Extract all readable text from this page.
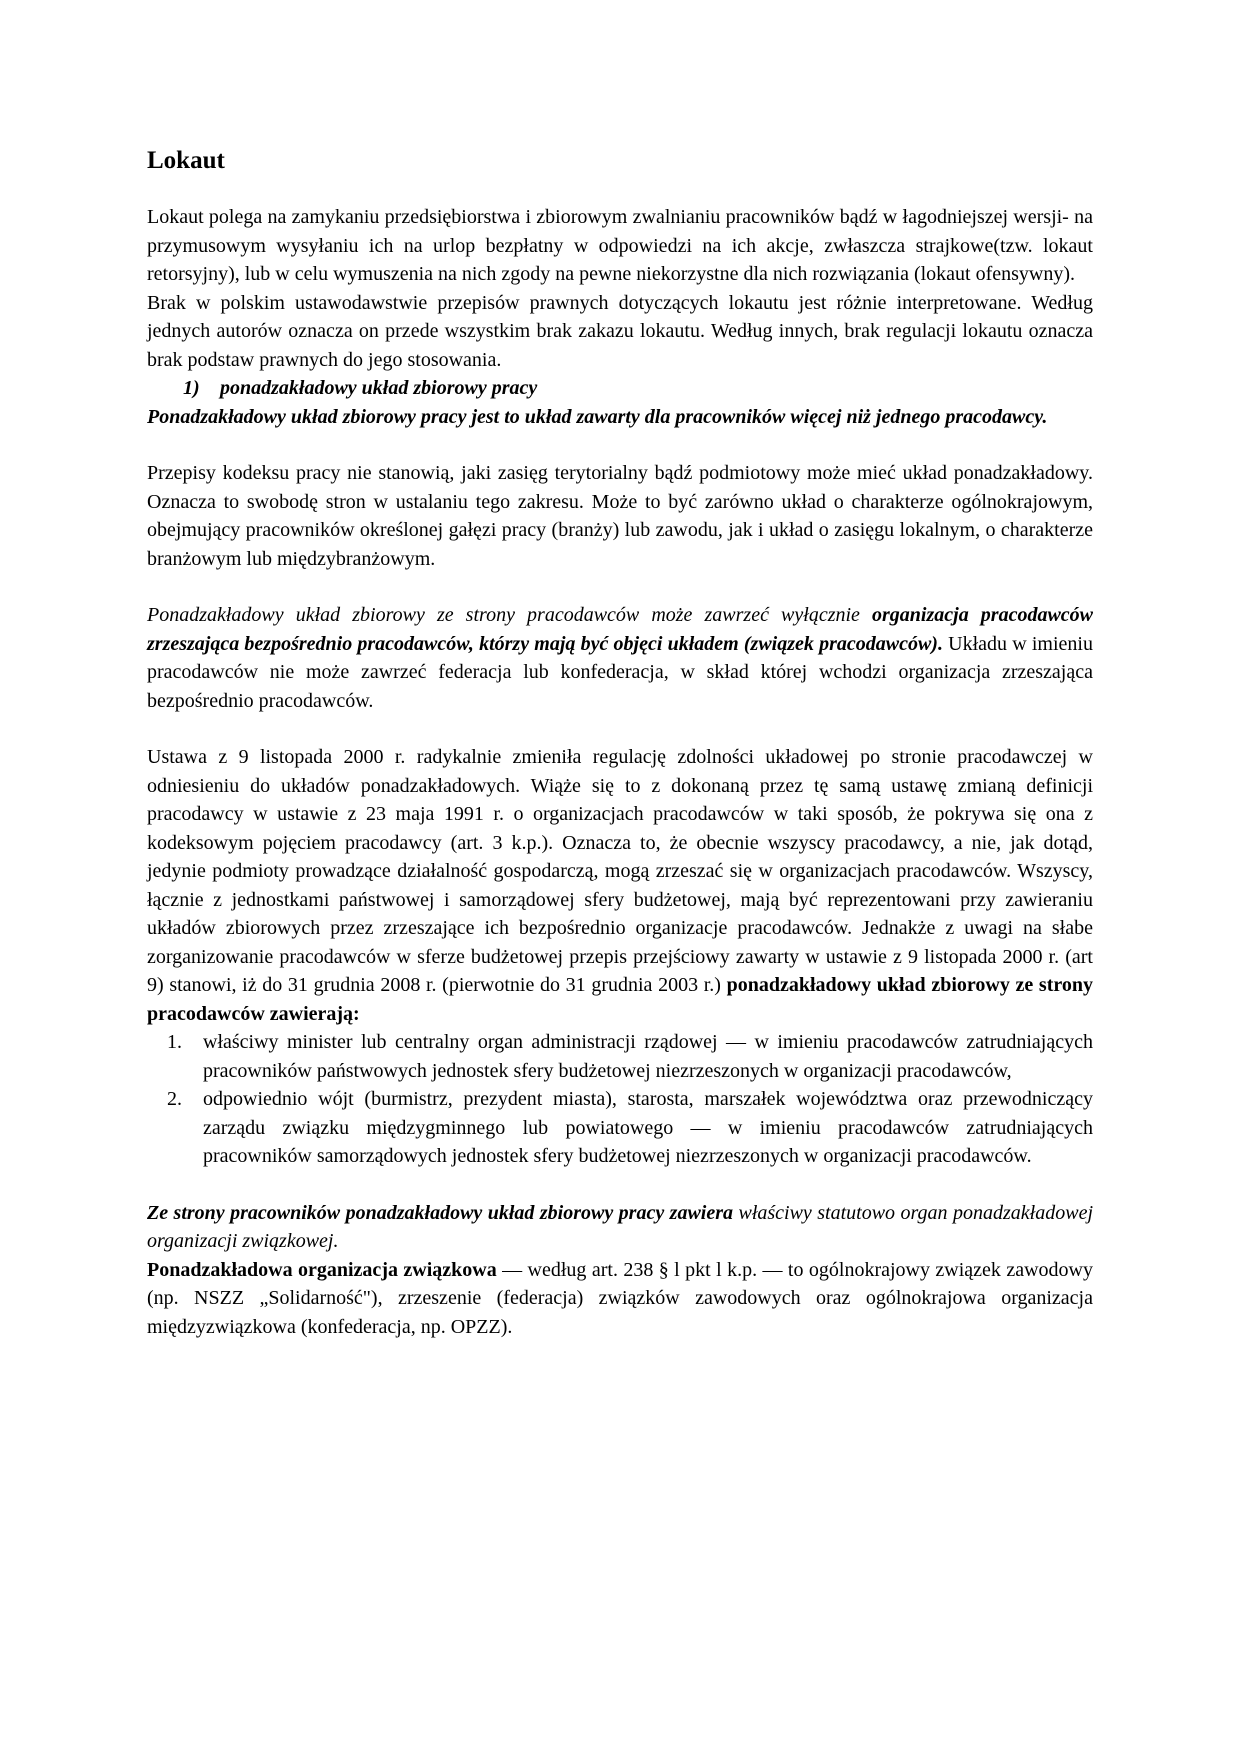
Lokaut

Lokaut polega na zamykaniu przedsiębiorstwa i zbiorowym zwalnianiu pracowników bądź w łagodniejszej wersji- na przymusowym wysyłaniu ich na urlop bezpłatny w odpowiedzi na ich akcje, zwłaszcza strajkowe(tzw. lokaut retorsyjny), lub w celu wymuszenia na nich zgody na pewne niekorzystne dla nich rozwiązania (lokaut ofensywny).

Brak w polskim ustawodawstwie przepisów prawnych dotyczących lokautu jest różnie interpretowane. Według jednych autorów oznacza on przede wszystkim brak zakazu lokautu. Według innych, brak regulacji lokautu oznacza brak podstaw prawnych do jego stosowania.

1) ponadzakładowy układ zbiorowy pracy

Ponadzakładowy układ zbiorowy pracy jest to układ zawarty dla pracowników więcej niż jednego pracodawcy.

Przepisy kodeksu pracy nie stanowią, jaki zasięg terytorialny bądź podmiotowy może mieć układ ponadzakładowy. Oznacza to swobodę stron w ustalaniu tego zakresu. Może to być zarówno układ o charakterze ogólnokrajowym, obejmujący pracowników określonej gałęzi pracy (branży) lub zawodu, jak i układ o zasięgu lokalnym, o charakterze branżowym lub międzybranżowym.

Ponadzakładowy układ zbiorowy ze strony pracodawców może zawrzeć wyłącznie organizacja pracodawców zrzeszająca bezpośrednio pracodawców, którzy mają być objęci układem (związek pracodawców). Układu w imieniu pracodawców nie może zawrzeć federacja lub konfederacja, w skład której wchodzi organizacja zrzeszająca bezpośrednio pracodawców.

Ustawa z 9 listopada 2000 r. radykalnie zmieniła regulację zdolności układowej po stronie pracodawczej w odniesieniu do układów ponadzakładowych. Wiąże się to z dokonaną przez tę samą ustawę zmianą definicji pracodawcy w ustawie z 23 maja 1991 r. o organizacjach pracodawców w taki sposób, że pokrywa się ona z kodeksowym pojęciem pracodawcy (art. 3 k.p.). Oznacza to, że obecnie wszyscy pracodawcy, a nie, jak dotąd, jedynie podmioty prowadzące działalność gospodarczą, mogą zrzeszać się w organizacjach pracodawców. Wszyscy, łącznie z jednostkami państwowej i samorządowej sfery budżetowej, mają być reprezentowani przy zawieraniu układów zbiorowych przez zrzeszające ich bezpośrednio organizacje pracodawców. Jednakże z uwagi na słabe zorganizowanie pracodawców w sferze budżetowej przepis przejściowy zawarty w ustawie z 9 listopada 2000 r. (art 9) stanowi, iż do 31 grudnia 2008 r. (pierwotnie do 31 grudnia 2003 r.) ponadzakładowy układ zbiorowy ze strony pracodawców zawierają:

1. właściwy minister lub centralny organ administracji rządowej — w imieniu pracodawców zatrudniających pracowników państwowych jednostek sfery budżetowej niezrzeszonych w organizacji pracodawców,
2. odpowiednio wójt (burmistrz, prezydent miasta), starosta, marszałek województwa oraz przewodniczący zarządu związku międzygminnego lub powiatowego — w imieniu pracodawców zatrudniających pracowników samorządowych jednostek sfery budżetowej niezrzeszonych w organizacji pracodawców.

Ze strony pracowników ponadzakładowy układ zbiorowy pracy zawiera właściwy statutowo organ ponadzakładowej organizacji związkowej.

Ponadzakładowa organizacja związkowa — według art. 238 § l pkt l k.p. — to ogólnokrajowy związek zawodowy (np. NSZZ „Solidarność"), zrzeszenie (federacja) związków zawodowych oraz ogólnokrajowa organizacja międzyzwiązkowa (konfederacja, np. OPZZ).
